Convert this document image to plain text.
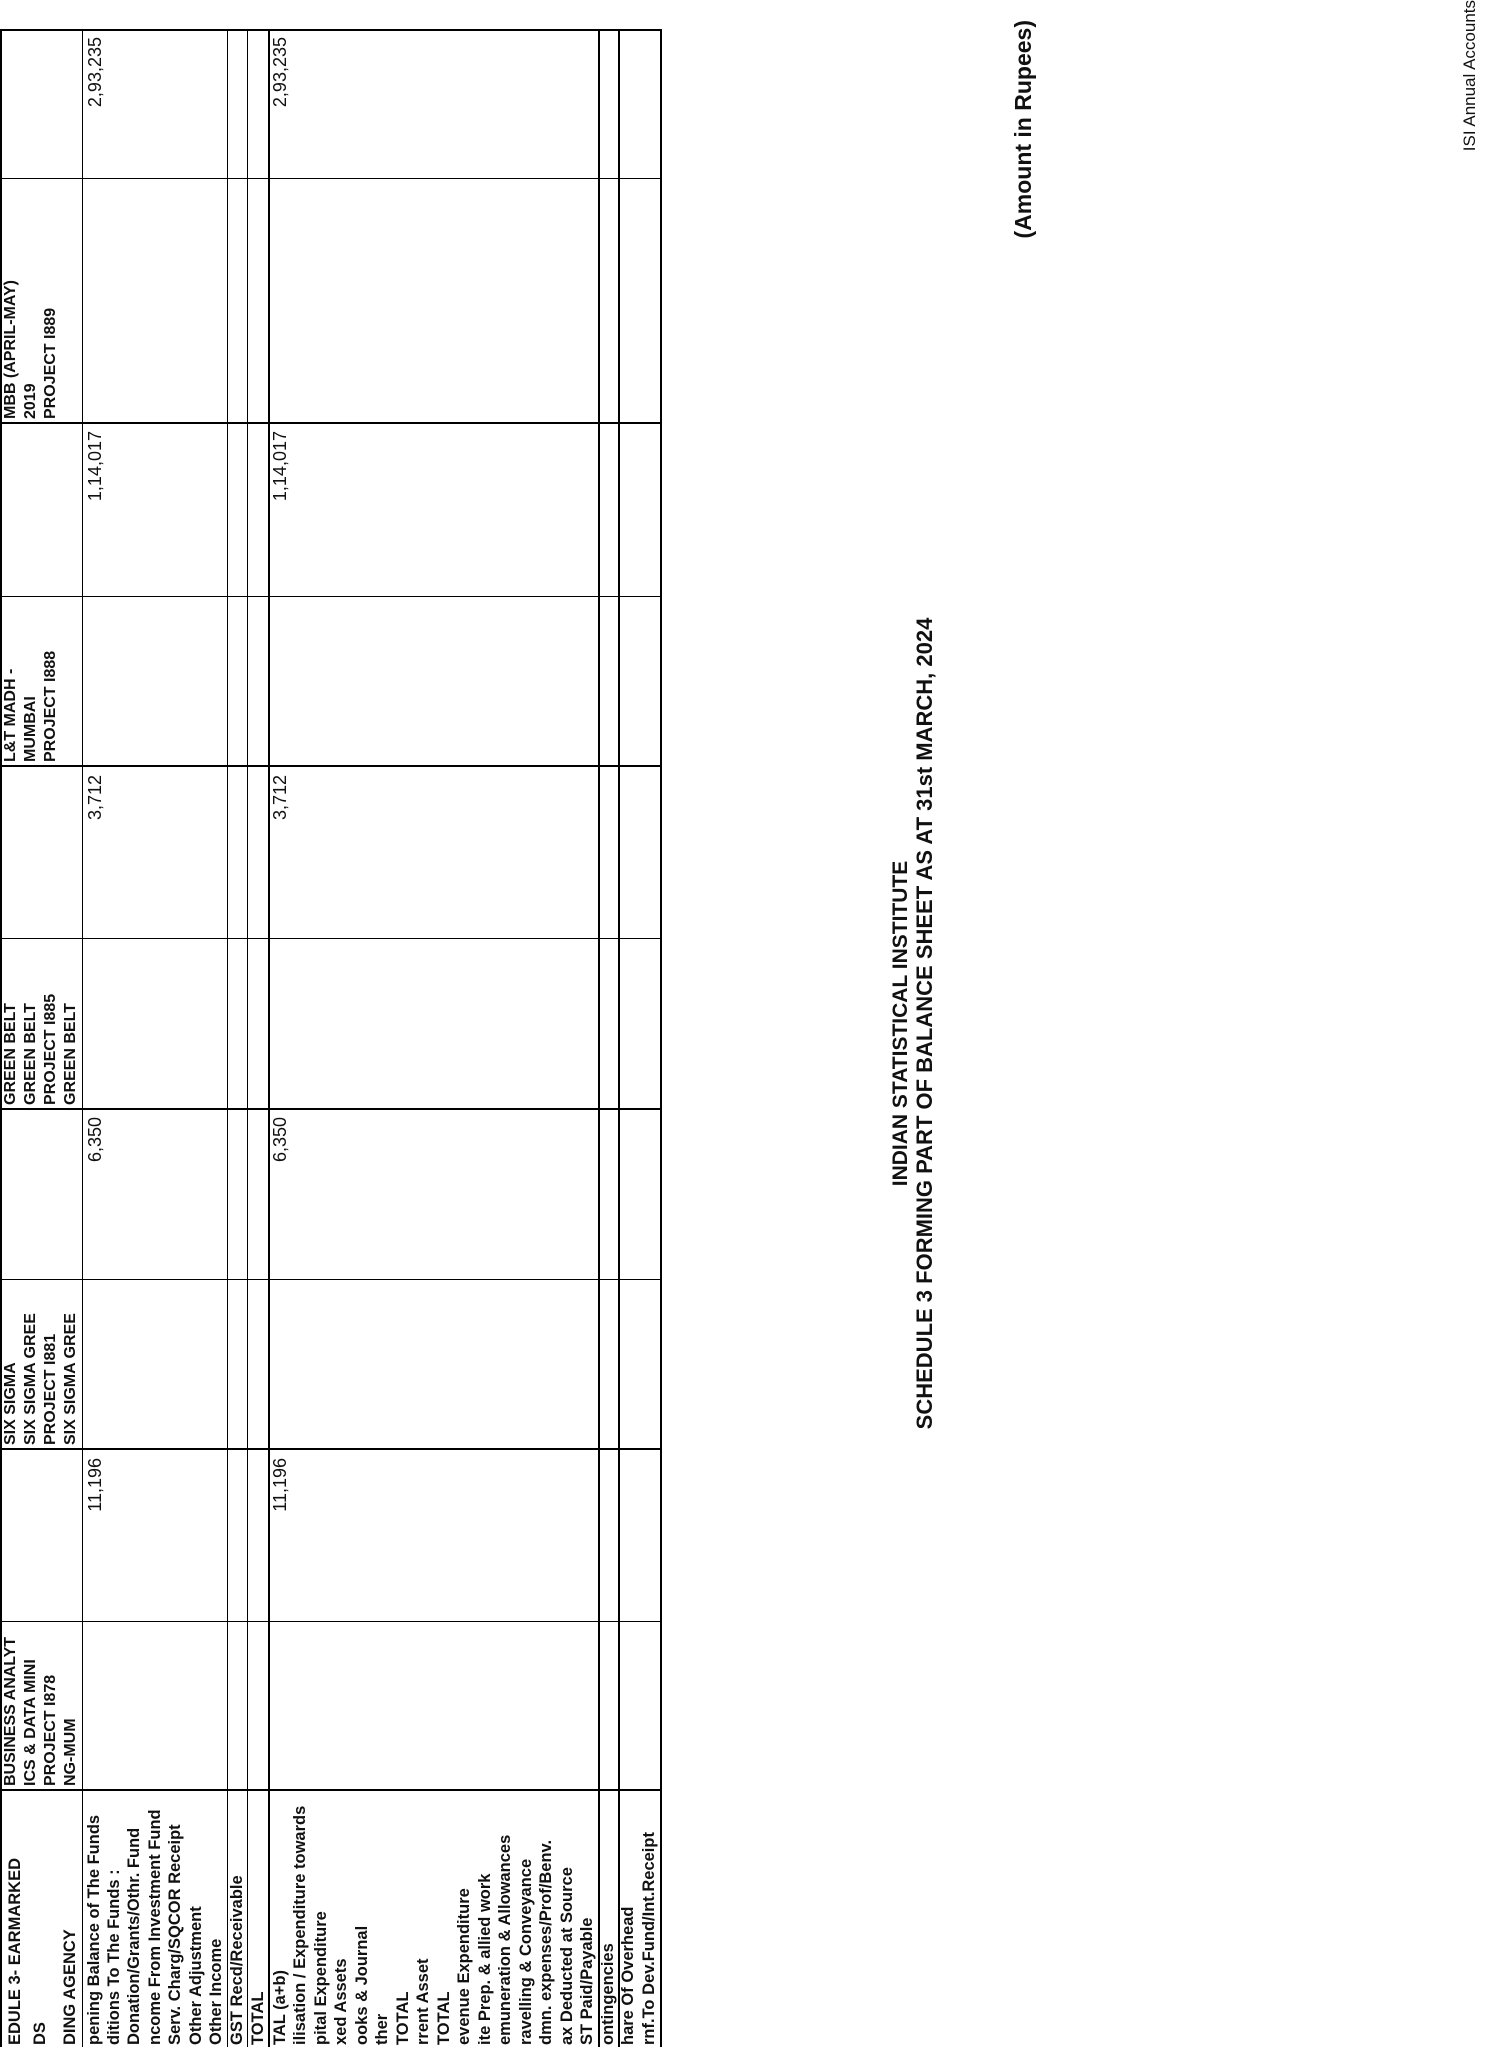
INDIAN STATISTICAL INSTITUTE SCHEDULE 3 FORMING PART OF BALANCE SHEET AS AT 31st MARCH, 2024
(Amount in Rupees)	ISI Annual Accounts
EDULE 3- EARMARKED DS DING AGENCY pening Balance of The Funds ditions To The Funds : Donation/Grants/Othr. Fund ncome From Investment Fund Serv. Charg/SQCOR Receipt Other Adjustment Other Income GST Recd/Receivable TOTAL TAL (a+b) ilisation / Expenditure towards pital Expenditure xed Assets ooks & Journal ther TOTAL rrent Asset TOTAL evenue Expenditure ite Prep. & allied work emuneration & Allowances ravelling & Conveyance dmn. expenses/Prof/Benv. ax Deducted at Source ST Paid/Payable ontingencies hare Of Overhead rnf.To Dev.Fund/Int.Receipt
BUSINESS ANALYT ICS & DATA MINI PROJECT I878 NG-MUM
SIX SIGMA SIX SIGMA GREE PROJECT I881 SIX SIGMA GREE
GREEN BELT GREEN BELT PROJECT I885 GREEN BELT
L&T MADH - MUMBAI PROJECT I888
MBB (APRIL-MAY) 2019 PROJECT I889
11,196
6,350
3,712
1,14,017
2,93,235
11,196
6,350
3,712
1,14,017
2,93,235
